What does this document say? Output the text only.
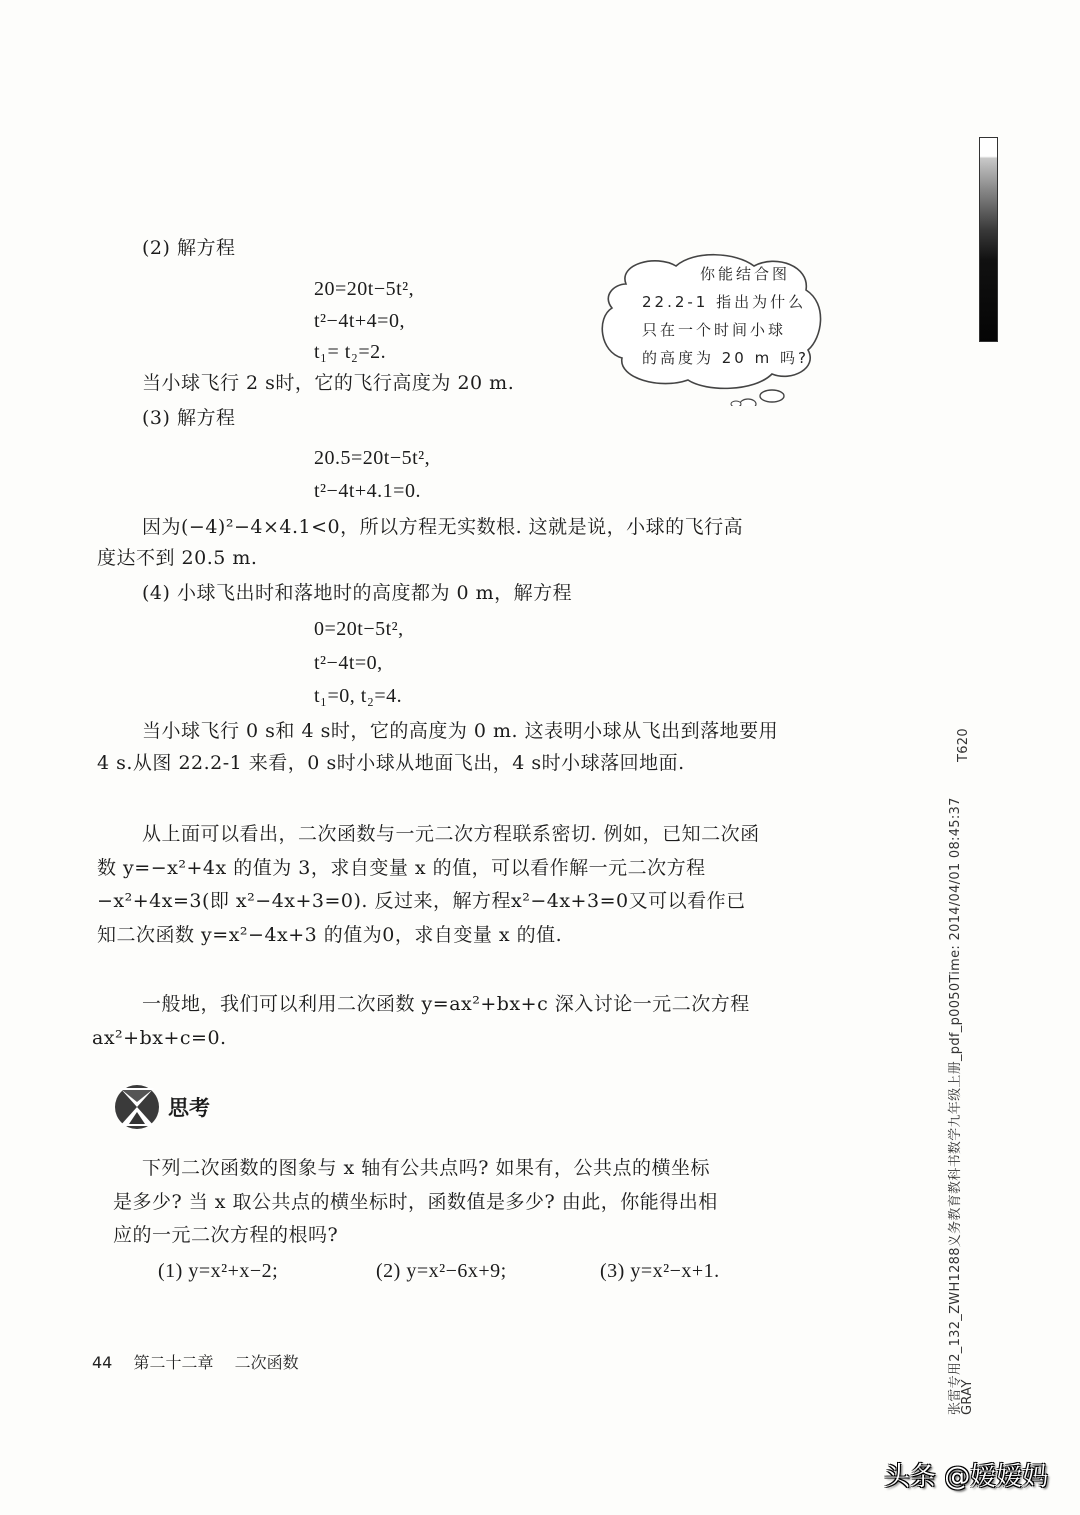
(2) 解方程
20=20t−5t²,
t²−4t+4=0,
t₁= t₂=2.
当小球飞行 2 s时，它的飞行高度为 20 m.
你能结合图
22.2-1 指出为什么
只在一个时间小球
的高度为 20 m 吗?
(3) 解方程
20.5=20t−5t²,
t²−4t+4.1=0.
因为(−4)²−4×4.1<0，所以方程无实数根. 这就是说，小球的飞行高
度达不到 20.5 m.
(4) 小球飞出时和落地时的高度都为 0 m，解方程
0=20t−5t²,
t²−4t=0,
t₁=0, t₂=4.
当小球飞行 0 s和 4 s时，它的高度为 0 m. 这表明小球从飞出到落地要用
4 s.从图 22.2-1 来看，0 s时小球从地面飞出，4 s时小球落回地面.
从上面可以看出，二次函数与一元二次方程联系密切. 例如，已知二次函
数 y=−x²+4x 的值为 3，求自变量 x 的值，可以看作解一元二次方程
−x²+4x=3(即 x²−4x+3=0). 反过来，解方程x²−4x+3=0又可以看作已
知二次函数 y=x²−4x+3 的值为0，求自变量 x 的值.
一般地，我们可以利用二次函数 y=ax²+bx+c 深入讨论一元二次方程
ax²+bx+c=0.
思考
下列二次函数的图象与 x 轴有公共点吗? 如果有，公共点的横坐标
是多少? 当 x 取公共点的横坐标时，函数值是多少? 由此，你能得出相
应的一元二次方程的根吗?
(1) y=x²+x−2;	(2) y=x²−6x+9;	(3) y=x²−x+1.
44 第二十二章 二次函数
T620
张雷专用2_132_ZWH1288义务教育教科书数学九年级上册_pdf_p0050Time: 2014/04/01 08:45:37
GRAY
头条 @嫒嫒妈
